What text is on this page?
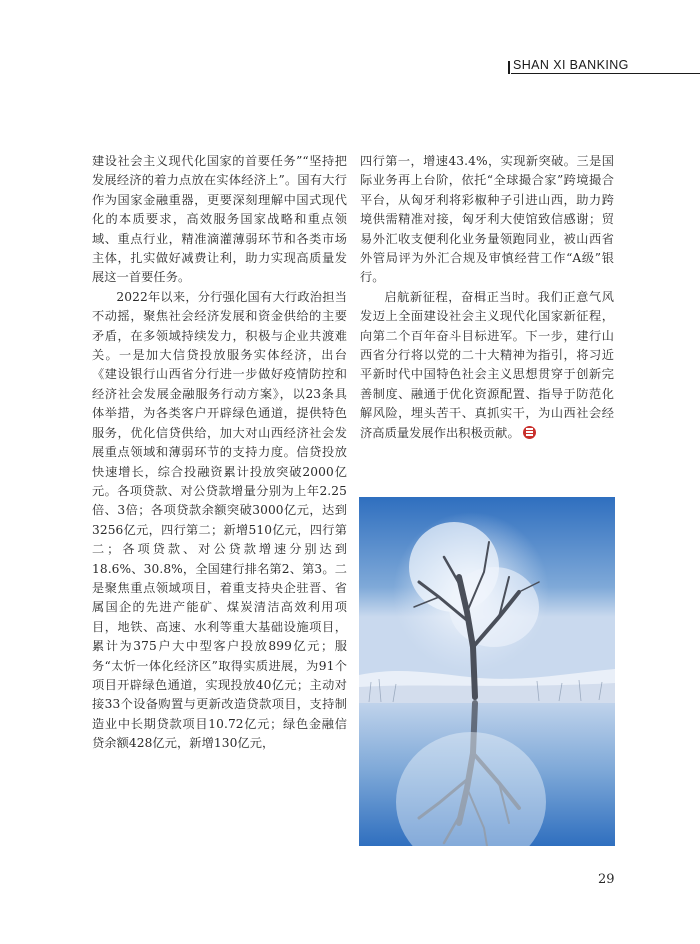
SHAN XI BANKING

建设社会主义现代化国家的首要任务”“坚持把发展经济的着力点放在实体经济上”。国有大行作为国家金融重器，更要深刻理解中国式现代化的本质要求，高效服务国家战略和重点领域、重点行业，精准滴灌薄弱环节和各类市场主体，扎实做好减费让利，助力实现高质量发展这一首要任务。

2022年以来，分行强化国有大行政治担当不动摇，聚焦社会经济发展和资金供给的主要矛盾，在多领域持续发力，积极与企业共渡难关。一是加大信贷投放服务实体经济，出台《建设银行山西省分行进一步做好疫情防控和经济社会发展金融服务行动方案》，以23条具体举措，为各类客户开辟绿色通道，提供特色服务，优化信贷供给，加大对山西经济社会发展重点领域和薄弱环节的支持力度。信贷投放快速增长，综合投融资累计投放突破2000亿元。各项贷款、对公贷款增量分别为上年2.25倍、3倍；各项贷款余额突破3000亿元，达到3256亿元，四行第二；新增510亿元，四行第二；各项贷款、对公贷款增速分别达到18.6%、30.8%，全国建行排名第2、第3。二是聚焦重点领域项目，着重支持央企驻晋、省属国企的先进产能矿、煤炭清洁高效利用项目，地铁、高速、水利等重大基础设施项目，累计为375户大中型客户投放899亿元；服务“太忻一体化经济区”取得实质进展，为91个项目开辟绿色通道，实现投放40亿元；主动对接33个设备购置与更新改造贷款项目，支持制造业中长期贷款项目10.72亿元；绿色金融信贷余额428亿元，新增130亿元，

四行第一，增速43.4%，实现新突破。三是国际业务再上台阶，依托“全球撮合家”跨境撮合平台，从匈牙利将彩椒种子引进山西，助力跨境供需精准对接，匈牙利大使馆致信感谢；贸易外汇收支便利化业务量领跑同业，被山西省外管局评为外汇合规及审慎经营工作“A级”银行。

启航新征程，奋楫正当时。我们正意气风发迈上全面建设社会主义现代化国家新征程，向第二个百年奋斗目标进军。下一步，建行山西省分行将以党的二十大精神为指引，将习近平新时代中国特色社会主义思想贯穿于创新完善制度、融通于优化资源配置、指导于防范化解风险，埋头苦干、真抓实干，为山西社会经济高质量发展作出积极贡献。

29
